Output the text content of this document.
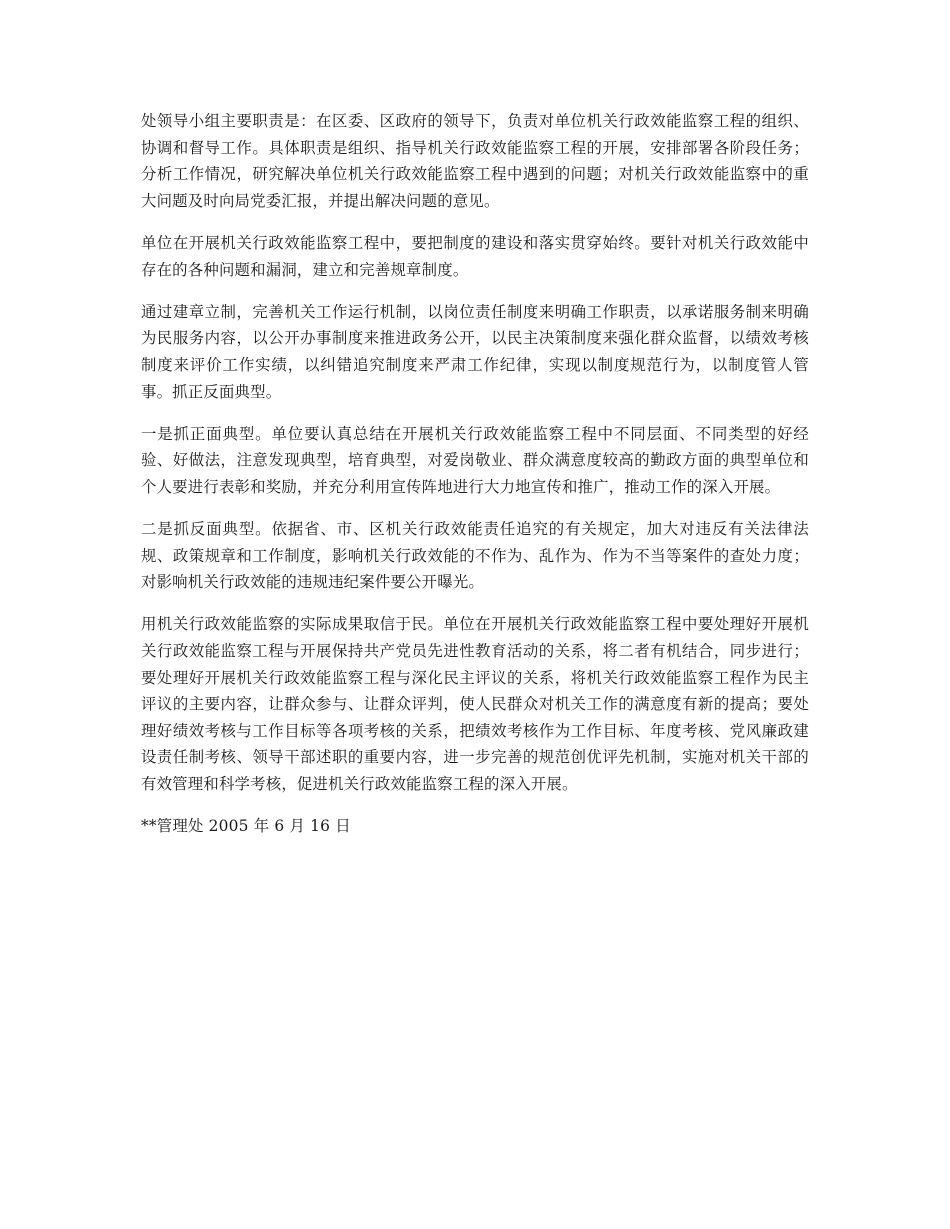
处领导小组主要职责是：在区委、区政府的领导下，负责对单位机关行政效能监察工程的组织、协调和督导工作。具体职责是组织、指导机关行政效能监察工程的开展，安排部署各阶段任务；分析工作情况，研究解决单位机关行政效能监察工程中遇到的问题；对机关行政效能监察中的重大问题及时向局党委汇报，并提出解决问题的意见。

单位在开展机关行政效能监察工程中，要把制度的建设和落实贯穿始终。要针对机关行政效能中存在的各种问题和漏洞，建立和完善规章制度。

通过建章立制，完善机关工作运行机制，以岗位责任制度来明确工作职责，以承诺服务制来明确为民服务内容，以公开办事制度来推进政务公开，以民主决策制度来强化群众监督，以绩效考核制度来评价工作实绩，以纠错追究制度来严肃工作纪律，实现以制度规范行为，以制度管人管事。抓正反面典型。

一是抓正面典型。单位要认真总结在开展机关行政效能监察工程中不同层面、不同类型的好经验、好做法，注意发现典型，培育典型，对爱岗敬业、群众满意度较高的勤政方面的典型单位和个人要进行表彰和奖励，并充分利用宣传阵地进行大力地宣传和推广，推动工作的深入开展。

二是抓反面典型。依据省、市、区机关行政效能责任追究的有关规定，加大对违反有关法律法规、政策规章和工作制度，影响机关行政效能的不作为、乱作为、作为不当等案件的查处力度；对影响机关行政效能的违规违纪案件要公开曝光。

用机关行政效能监察的实际成果取信于民。单位在开展机关行政效能监察工程中要处理好开展机关行政效能监察工程与开展保持共产党员先进性教育活动的关系，将二者有机结合，同步进行；要处理好开展机关行政效能监察工程与深化民主评议的关系，将机关行政效能监察工程作为民主评议的主要内容，让群众参与、让群众评判，使人民群众对机关工作的满意度有新的提高；要处理好绩效考核与工作目标等各项考核的关系，把绩效考核作为工作目标、年度考核、党风廉政建设责任制考核、领导干部述职的重要内容，进一步完善的规范创优评先机制，实施对机关干部的有效管理和科学考核，促进机关行政效能监察工程的深入开展。

**管理处 2005 年 6 月 16 日
